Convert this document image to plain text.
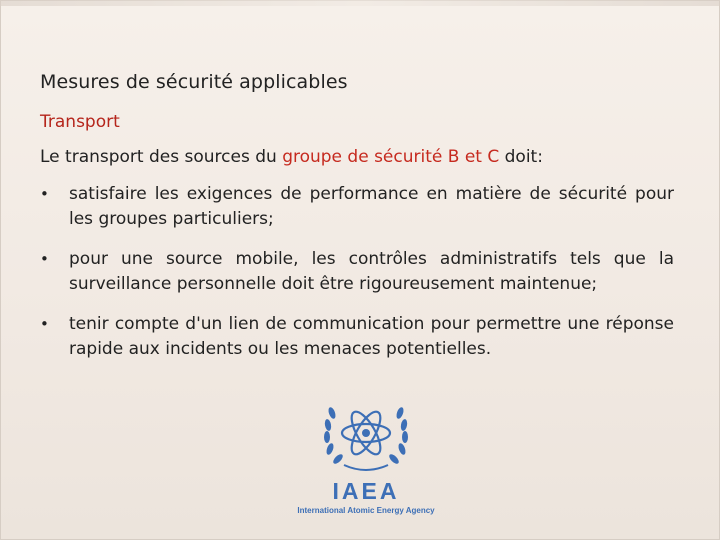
Mesures de sécurité applicables
Transport
Le transport des sources du groupe de sécurité B et C doit:
• satisfaire les exigences de performance en matière de sécurité pour les groupes particuliers;
• pour une source mobile, les contrôles administratifs tels que la surveillance personnelle doit être rigoureusement maintenue;
• tenir compte d'un lien de communication pour permettre une réponse rapide aux incidents ou les menaces potentielles.
IAEA
International Atomic Energy Agency
